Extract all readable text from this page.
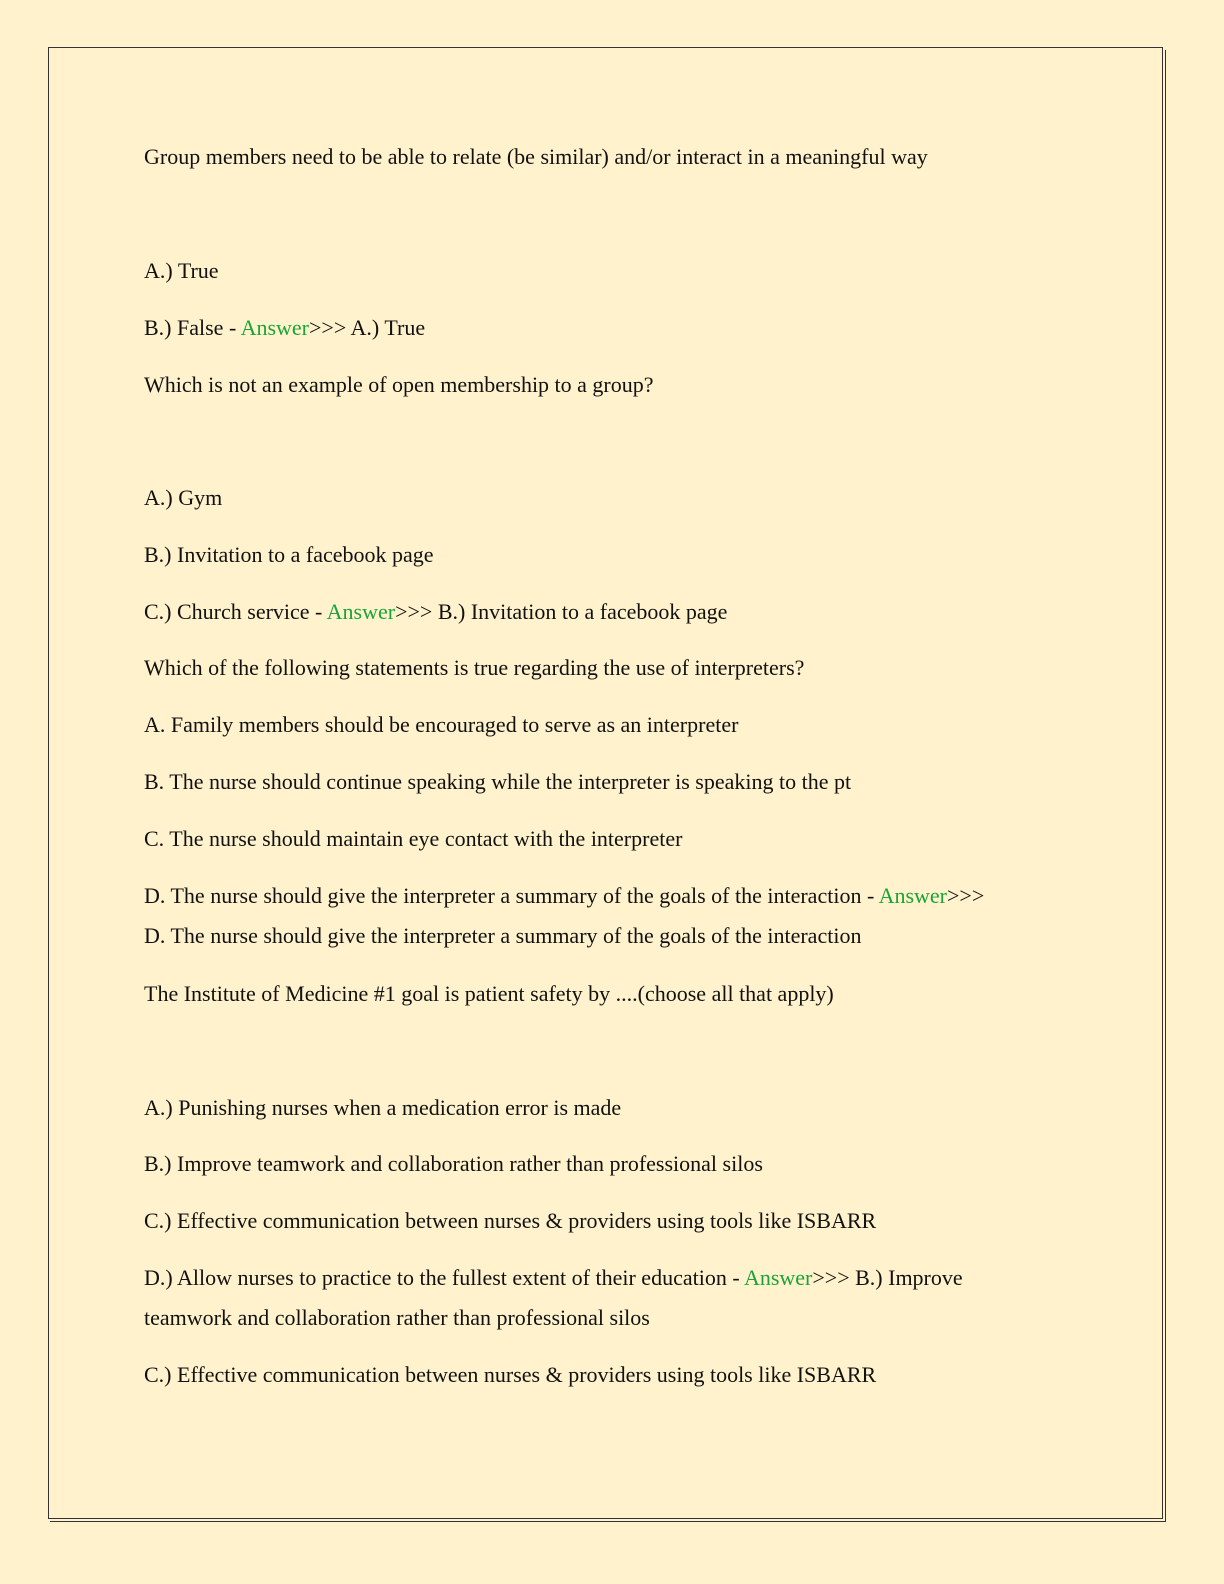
Group members need to be able to relate (be similar) and/or interact in a meaningful way
A.) True
B.) False - Answer>>> A.) True
Which is not an example of open membership to a group?
A.) Gym
B.) Invitation to a facebook page
C.) Church service - Answer>>> B.) Invitation to a facebook page
Which of the following statements is true regarding the use of interpreters?
A. Family members should be encouraged to serve as an interpreter
B. The nurse should continue speaking while the interpreter is speaking to the pt
C. The nurse should maintain eye contact with the interpreter
D. The nurse should give the interpreter a summary of the goals of the interaction - Answer>>>
D. The nurse should give the interpreter a summary of the goals of the interaction
The Institute of Medicine #1 goal is patient safety by ....(choose all that apply)
A.) Punishing nurses when a medication error is made
B.) Improve teamwork and collaboration rather than professional silos
C.) Effective communication between nurses & providers using tools like ISBARR
D.) Allow nurses to practice to the fullest extent of their education - Answer>>> B.) Improve
teamwork and collaboration rather than professional silos
C.) Effective communication between nurses & providers using tools like ISBARR
